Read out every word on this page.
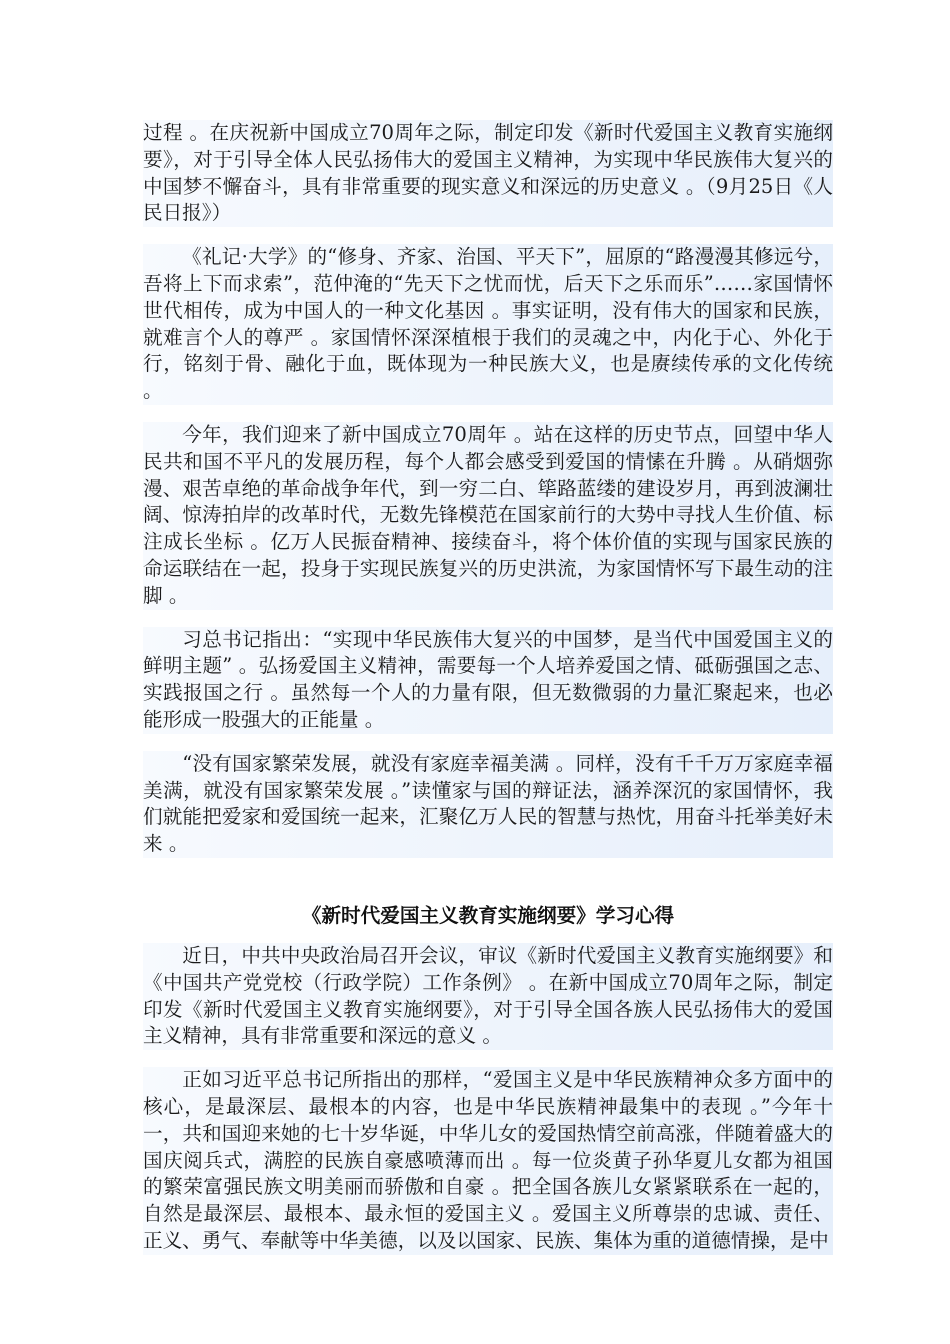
过程 。在庆祝新中国成立70周年之际，制定印发《新时代爱国主义教育实施纲要》，对于引导全体人民弘扬伟大的爱国主义精神，为实现中华民族伟大复兴的中国梦不懈奋斗，具有非常重要的现实意义和深远的历史意义 。（9月25日《人民日报》）

《礼记·大学》的“修身、齐家、治国、平天下”，屈原的“路漫漫其修远兮，吾将上下而求索”，范仲淹的“先天下之忧而忧，后天下之乐而乐”……家国情怀世代相传，成为中国人的一种文化基因 。事实证明，没有伟大的国家和民族，就难言个人的尊严 。家国情怀深深植根于我们的灵魂之中，内化于心、外化于行，铭刻于骨、融化于血，既体现为一种民族大义，也是赓续传承的文化传统 。

今年，我们迎来了新中国成立70周年 。站在这样的历史节点，回望中华人民共和国不平凡的发展历程，每个人都会感受到爱国的情愫在升腾 。从硝烟弥漫、艰苦卓绝的革命战争年代，到一穷二白、筚路蓝缕的建设岁月，再到波澜壮阔、惊涛拍岸的改革时代，无数先锋模范在国家前行的大势中寻找人生价值、标注成长坐标 。亿万人民振奋精神、接续奋斗，将个体价值的实现与国家民族的命运联结在一起，投身于实现民族复兴的历史洪流，为家国情怀写下最生动的注脚 。

习总书记指出：“实现中华民族伟大复兴的中国梦，是当代中国爱国主义的鲜明主题” 。弘扬爱国主义精神，需要每一个人培养爱国之情、砥砺强国之志、实践报国之行 。虽然每一个人的力量有限，但无数微弱的力量汇聚起来，也必能形成一股强大的正能量 。

“没有国家繁荣发展，就没有家庭幸福美满 。同样，没有千千万万家庭幸福美满，就没有国家繁荣发展 。”读懂家与国的辩证法，涵养深沉的家国情怀，我们就能把爱家和爱国统一起来，汇聚亿万人民的智慧与热忱，用奋斗托举美好未来 。

《新时代爱国主义教育实施纲要》学习心得

近日，中共中央政治局召开会议，审议《新时代爱国主义教育实施纲要》和《中国共产党党校（行政学院）工作条例》 。在新中国成立70周年之际，制定印发《新时代爱国主义教育实施纲要》，对于引导全国各族人民弘扬伟大的爱国主义精神，具有非常重要和深远的意义 。

正如习近平总书记所指出的那样，“爱国主义是中华民族精神众多方面中的核心，是最深层、最根本的内容，也是中华民族精神最集中的表现 。”今年十一，共和国迎来她的七十岁华诞，中华儿女的爱国热情空前高涨，伴随着盛大的国庆阅兵式，满腔的民族自豪感喷薄而出 。每一位炎黄子孙华夏儿女都为祖国的繁荣富强民族文明美丽而骄傲和自豪 。把全国各族儿女紧紧联系在一起的，自然是最深层、最根本、最永恒的爱国主义 。爱国主义所尊崇的忠诚、责任、正义、勇气、奉献等中华美德，以及以国家、民族、集体为重的道德情操，是中
